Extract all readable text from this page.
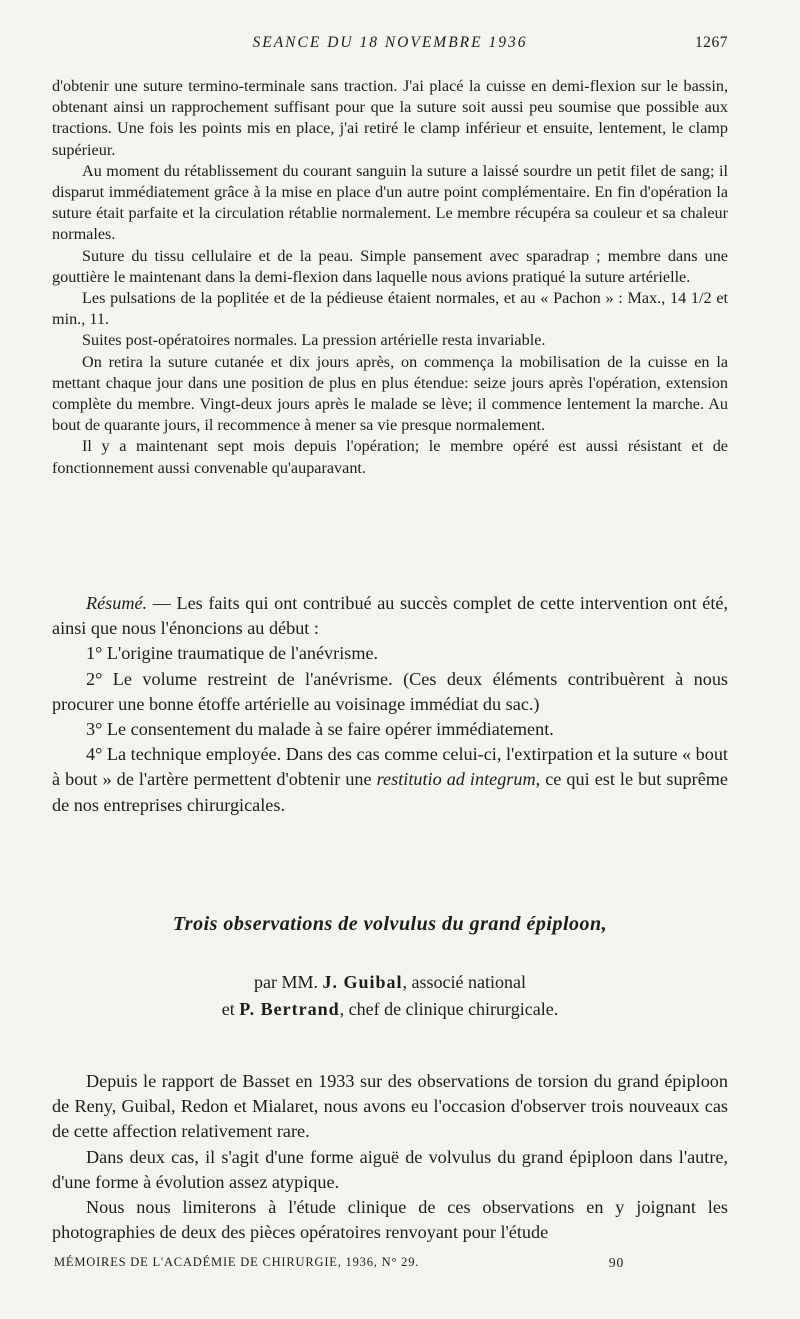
SEANCE DU 18 NOVEMBRE 1936	1267

d'obtenir une suture termino-terminale sans traction. J'ai placé la cuisse en demi-flexion sur le bassin, obtenant ainsi un rapprochement suffisant pour que la suture soit aussi peu soumise que possible aux tractions. Une fois les points mis en place, j'ai retiré le clamp inférieur et ensuite, lentement, le clamp supérieur.

Au moment du rétablissement du courant sanguin la suture a laissé sourdre un petit filet de sang; il disparut immédiatement grâce à la mise en place d'un autre point complémentaire. En fin d'opération la suture était parfaite et la circulation rétablie normalement. Le membre récupéra sa couleur et sa chaleur normales.

Suture du tissu cellulaire et de la peau. Simple pansement avec sparadrap ; membre dans une gouttière le maintenant dans la demi-flexion dans laquelle nous avions pratiqué la suture artérielle.

Les pulsations de la poplitée et de la pédieuse étaient normales, et au « Pachon » : Max., 14 1/2 et min., 11.

Suites post-opératoires normales. La pression artérielle resta invariable.

On retira la suture cutanée et dix jours après, on commença la mobilisation de la cuisse en la mettant chaque jour dans une position de plus en plus étendue: seize jours après l'opération, extension complète du membre. Vingt-deux jours après le malade se lève; il commence lentement la marche. Au bout de quarante jours, il recommence à mener sa vie presque normalement.

Il y a maintenant sept mois depuis l'opération; le membre opéré est aussi résistant et de fonctionnement aussi convenable qu'auparavant.

Résumé. — Les faits qui ont contribué au succès complet de cette intervention ont été, ainsi que nous l'énoncions au début :

1° L'origine traumatique de l'anévrisme.

2° Le volume restreint de l'anévrisme. (Ces deux éléments contribuèrent à nous procurer une bonne étoffe artérielle au voisinage immédiat du sac.)

3° Le consentement du malade à se faire opérer immédiatement.

4° La technique employée. Dans des cas comme celui-ci, l'extirpation et la suture « bout à bout » de l'artère permettent d'obtenir une restitutio ad integrum, ce qui est le but suprême de nos entreprises chirurgicales.

Trois observations de volvulus du grand épiploon,
par MM. J. Guibal, associé national
et P. Bertrand, chef de clinique chirurgicale.

Depuis le rapport de Basset en 1933 sur des observations de torsion du grand épiploon de Reny, Guibal, Redon et Mialaret, nous avons eu l'occasion d'observer trois nouveaux cas de cette affection relativement rare.

Dans deux cas, il s'agit d'une forme aiguë de volvulus du grand épiploon dans l'autre, d'une forme à évolution assez atypique.

Nous nous limiterons à l'étude clinique de ces observations en y joignant les photographies de deux des pièces opératoires renvoyant pour l'étude

MÉMOIRES DE L'ACADÉMIE DE CHIRURGIE, 1936, N° 29.	90
